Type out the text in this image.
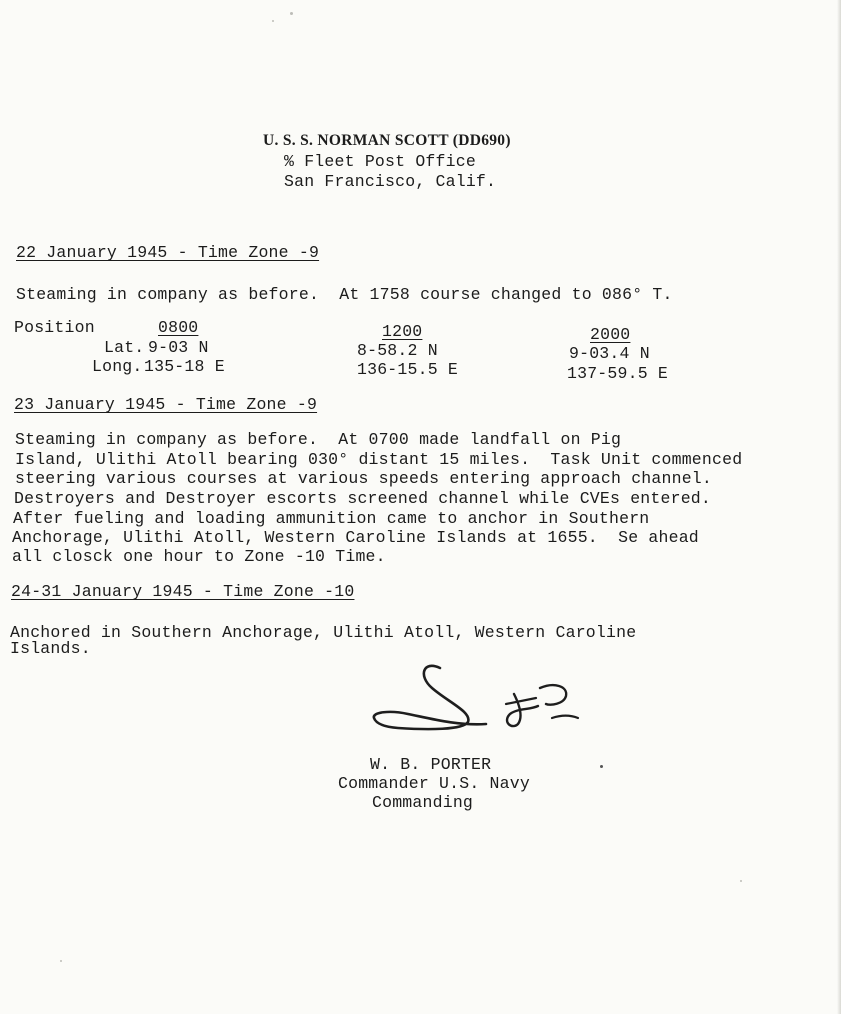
U. S. S. NORMAN SCOTT (DD690)
% Fleet Post Office
San Francisco, Calif.
22 January 1945 - Time Zone -9
Steaming in company as before.  At 1758 course changed to 086° T.
Position
Lat.
Long.
0800
9-03 N
135-18 E
1200
8-58.2 N
136-15.5 E
2000
9-03.4 N
137-59.5 E
23 January 1945 - Time Zone -9
Steaming in company as before.  At 0700 made landfall on Pig
Island, Ulithi Atoll bearing 030° distant 15 miles.  Task Unit commenced
steering various courses at various speeds entering approach channel.
Destroyers and Destroyer escorts screened channel while CVEs entered.
After fueling and loading ammunition came to anchor in Southern
Anchorage, Ulithi Atoll, Western Caroline Islands at 1655.  Se ahead
all closck one hour to Zone -10 Time.
24-31 January 1945 - Time Zone -10
Anchored in Southern Anchorage, Ulithi Atoll, Western Caroline
Islands.
W. B. PORTER
Commander U.S. Navy
Commanding
